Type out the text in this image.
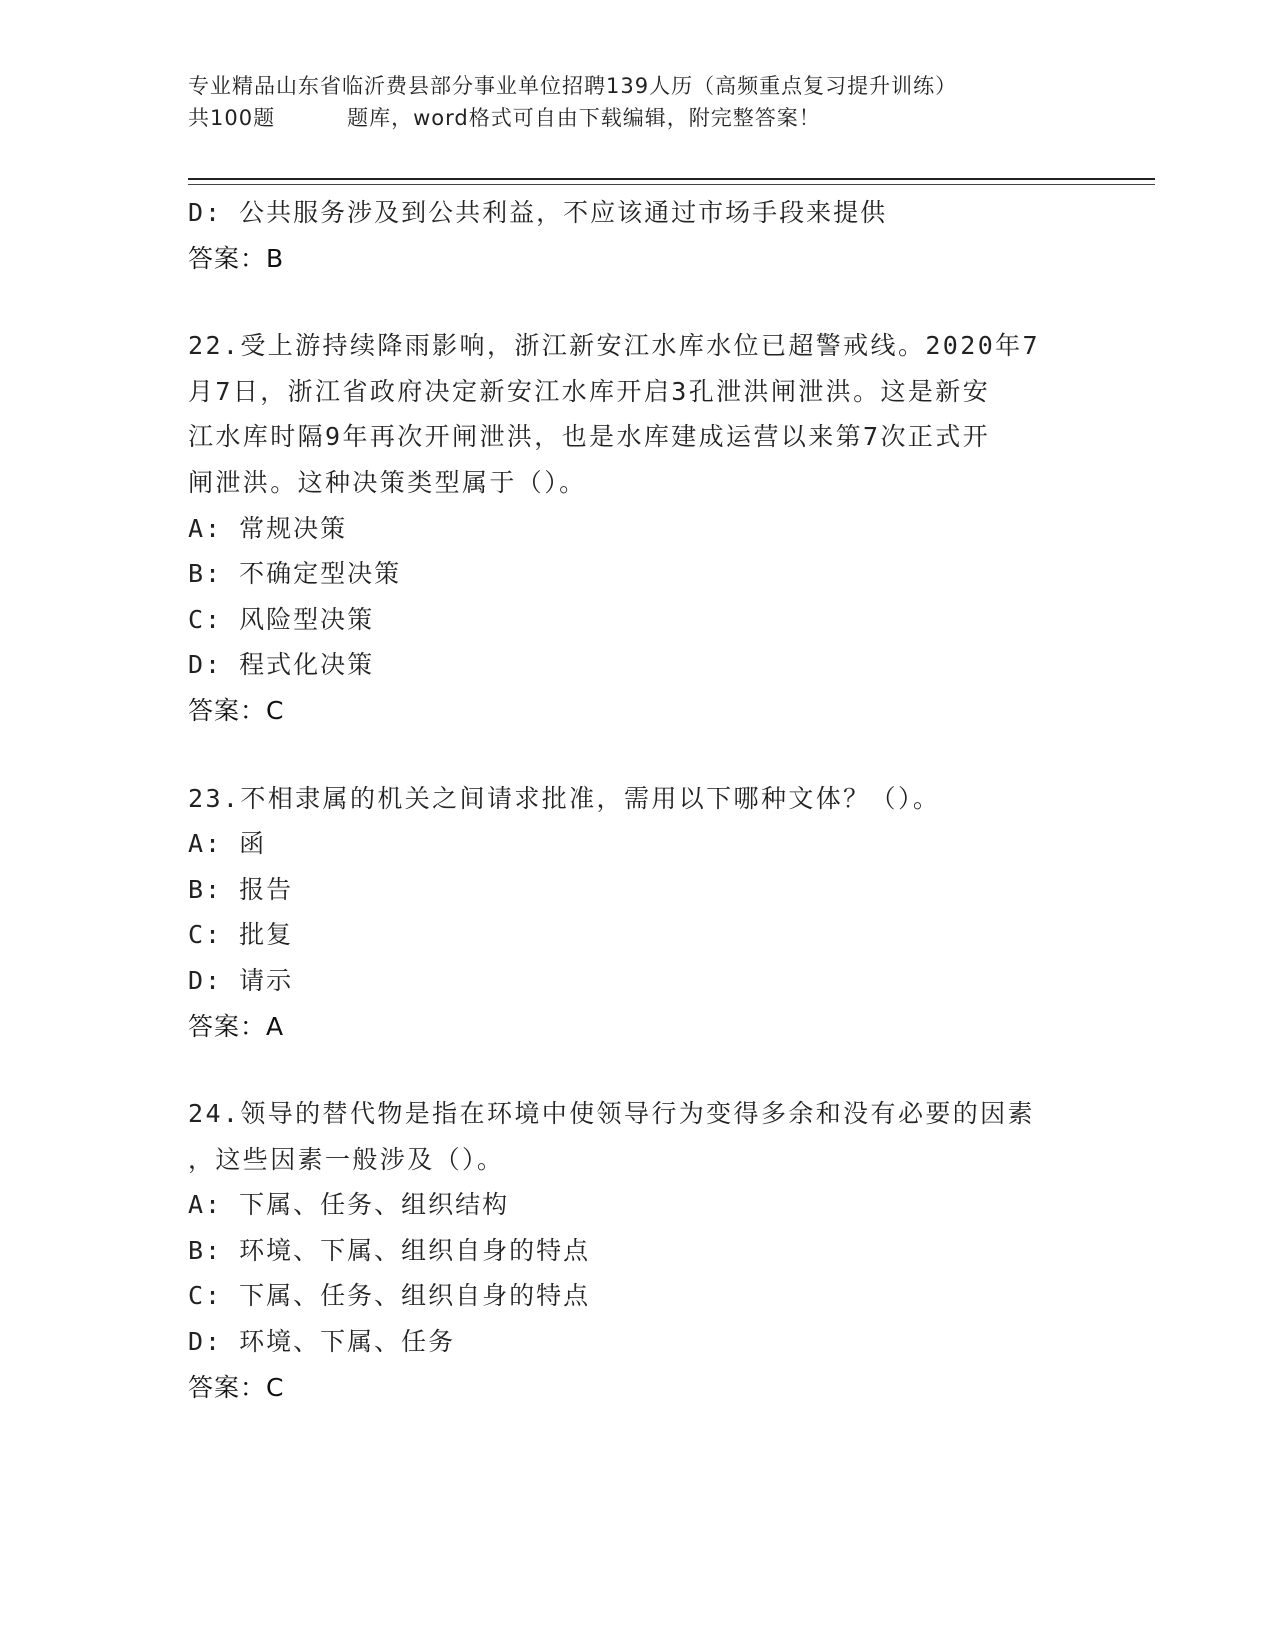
专业精品山东省临沂费县部分事业单位招聘139人历（高频重点复习提升训练）
共100题	题库，word格式可自由下载编辑，附完整答案！
D: 公共服务涉及到公共利益，不应该通过市场手段来提供
答案：B
22.受上游持续降雨影响，浙江新安江水库水位已超警戒线。2020年7
月7日，浙江省政府决定新安江水库开启3孔泄洪闸泄洪。这是新安
江水库时隔9年再次开闸泄洪，也是水库建成运营以来第7次正式开
闸泄洪。这种决策类型属于（）。
A: 常规决策
B: 不确定型决策
C: 风险型决策
D: 程式化决策
答案：C
23.不相隶属的机关之间请求批准，需用以下哪种文体？（）。
A: 函
B: 报告
C: 批复
D: 请示
答案：A
24.领导的替代物是指在环境中使领导行为变得多余和没有必要的因素
，这些因素一般涉及（）。
A: 下属、任务、组织结构
B: 环境、下属、组织自身的特点
C: 下属、任务、组织自身的特点
D: 环境、下属、任务
答案：C
